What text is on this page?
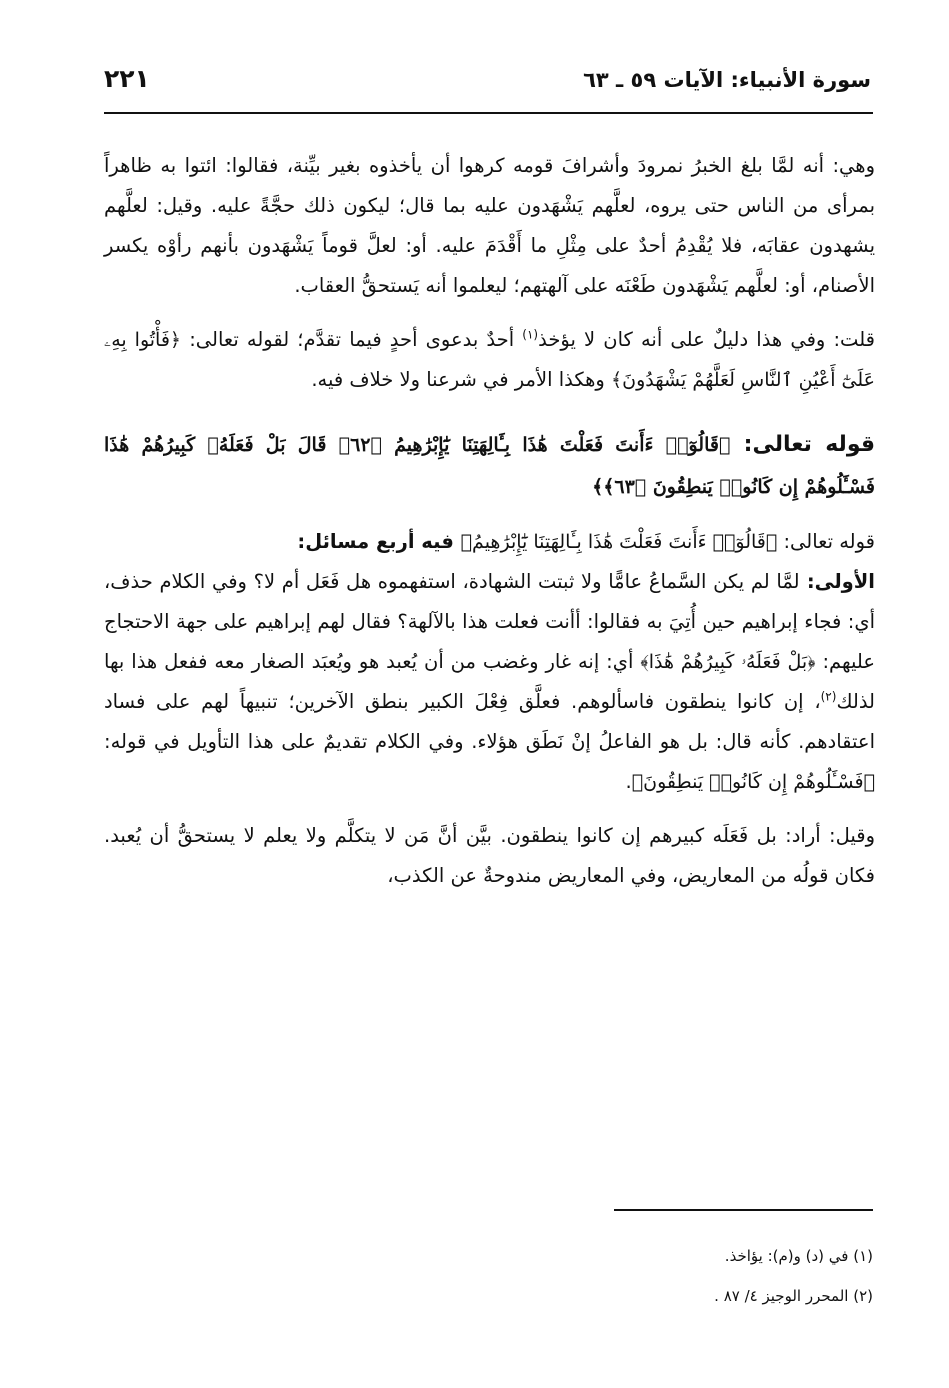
سورة الأنبياء: الآيات ٥٩ ـ ٦٣
٢٢١

وهي: أنه لمَّا بلغ الخبرُ نمرودَ وأشرافَ قومه كرهوا أن يأخذوه بغير بيِّنة، فقالوا: ائتوا به ظاهراً بمرأى من الناس حتى يروه، لعلَّهم يَشْهَدون عليه بما قال؛ ليكون ذلك حجَّةً عليه. وقيل: لعلَّهم يشهدون عقابَه، فلا يُقْدِمُ أحدٌ على مِثْلِ ما أَقْدَمَ عليه. أو: لعلَّ قوماً يَشْهَدون بأنهم رأوْه يكسر الأصنام، أو: لعلَّهم يَشْهَدون طَعْنَه على آلهتهم؛ ليعلموا أنه يَستحقُّ العقاب.

قلت: وفي هذا دليلٌ على أنه كان لا يؤخذ$^{(١)}$ أحدٌ بدعوى أحدٍ فيما تقدَّم؛ لقوله تعالى: ﴿فَأْتُوا بِهِۦ عَلَىٰٓ أَعْيُنِ ٱلنَّاسِ لَعَلَّهُمْ يَشْهَدُونَ﴾ وهكذا الأمر في شرعنا ولا خلاف فيه.

قوله تعالى: ﴿قَالُوٓا۟ ءَأَنتَ فَعَلْتَ هَٰذَا بِـَٔالِهَتِنَا يَٰٓإِبْرَٰهِيمُ ﴿٦٢﴾ قَالَ بَلْ فَعَلَهُۥ كَبِيرُهُمْ هَٰذَا فَسْـَٔلُوهُمْ إِن كَانُوا۟ يَنطِقُونَ ﴿٦٣﴾﴾

قوله تعالى: ﴿قَالُوٓا۟ ءَأَنتَ فَعَلْتَ هَٰذَا بِـَٔالِهَتِنَا يَٰٓإِبْرَٰهِيمُ﴾ فيه أربع مسائل:

الأولى: لمَّا لم يكن السَّماعُ عامًّا ولا ثبتت الشهادة، استفهموه هل فَعَل أم لا؟ وفي الكلام حذف، أي: فجاء إبراهيم حين أُتِيَ به فقالوا: أأنت فعلت هذا بالآلهة؟ فقال لهم إبراهيم على جهة الاحتجاج عليهم: ﴿بَلْ فَعَلَهُۥ كَبِيرُهُمْ هَٰذَا﴾ أي: إنه غار وغضب من أن يُعبد هو ويُعبَد الصغار معه ففعل هذا بها لذلك$^{(٢)}$، إن كانوا ينطقون فاسألوهم. فعلَّق فِعْلَ الكبير بنطق الآخرين؛ تنبيهاً لهم على فساد اعتقادهم. كأنه قال: بل هو الفاعلُ إنْ نَطَق هؤلاء. وفي الكلام تقديمٌ على هذا التأويل في قوله: ﴿فَسْـَٔلُوهُمْ إِن كَانُوا۟ يَنطِقُونَ﴾.

وقيل: أراد: بل فَعَلَه كبيرهم إن كانوا ينطقون. بيَّن أنَّ مَن لا يتكلَّم ولا يعلم لا يستحقُّ أن يُعبد. فكان قولُه من المعاريض، وفي المعاريض مندوحةٌ عن الكذب،

(١) في (د) و(م): يؤاخذ.

(٢) المحرر الوجيز ٤/ ٨٧ .
